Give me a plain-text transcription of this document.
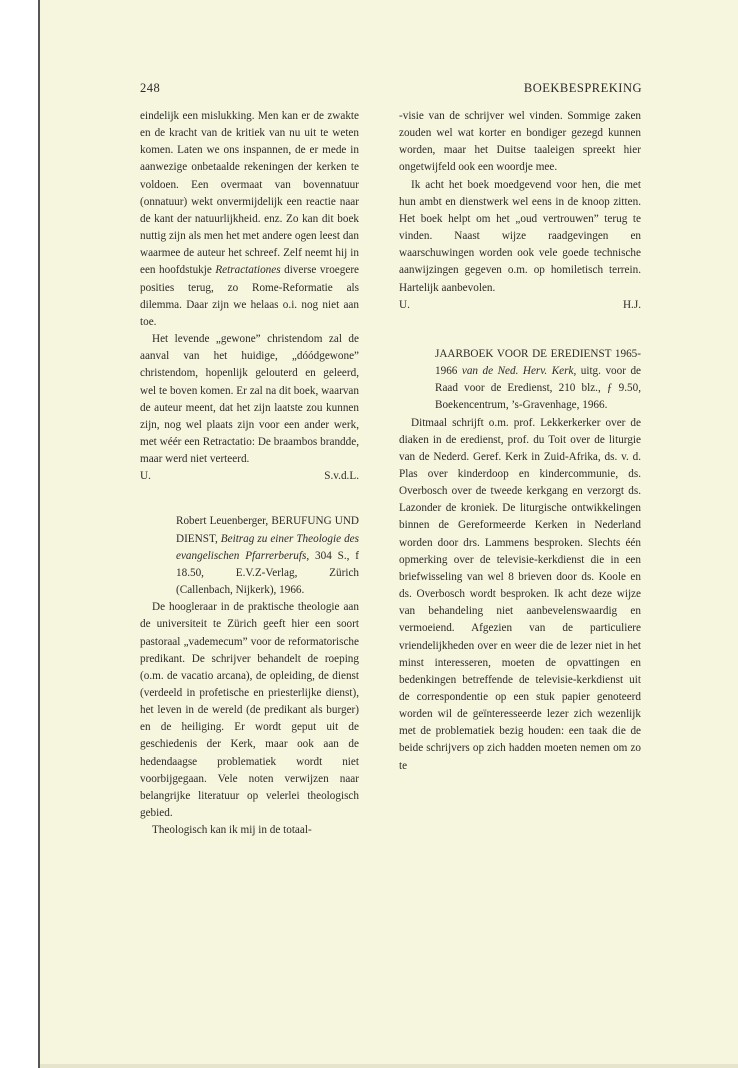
248	BOEKBESPREKING

eindelijk een mislukking. Men kan er de zwakte en de kracht van de kritiek van nu uit te weten komen. Laten we ons inspannen, de er mede in aanwezige onbetaalde rekeningen der kerken te voldoen. Een overmaat van bovennatuur (onnatuur) wekt onvermijdelijk een reactie naar de kant der natuurlijkheid. enz. Zo kan dit boek nuttig zijn als men het met andere ogen leest dan waarmee de auteur het schreef. Zelf neemt hij in een hoofdstukje Retractationes diverse vroegere posities terug, zo Rome-Reformatie als dilemma. Daar zijn we helaas o.i. nog niet aan toe.

Het levende „gewone” christendom zal de aanval van het huidige, „dóódgewone” christendom, hopenlijk gelouterd en geleerd, wel te boven komen. Er zal na dit boek, waarvan de auteur meent, dat het zijn laatste zou kunnen zijn, nog wel plaats zijn voor een ander werk, met wéér een Retractatio: De braambos brandde, maar werd niet verteerd.

U.	S.v.d.L.

Robert Leuenberger, BERUFUNG UND DIENST, Beitrag zu einer Theologie des evangelischen Pfarrerberufs, 304 S., f 18.50, E.V.Z-Verlag, Zürich (Callenbach, Nijkerk), 1966.

De hoogleraar in de praktische theologie aan de universiteit te Zürich geeft hier een soort pastoraal „vademecum” voor de reformatorische predikant. De schrijver behandelt de roeping (o.m. de vacatio arcana), de opleiding, de dienst (verdeeld in profetische en priesterlijke dienst), het leven in de wereld (de predikant als burger) en de heiliging. Er wordt geput uit de geschiedenis der Kerk, maar ook aan de hedendaagse problematiek wordt niet voorbijgegaan. Vele noten verwijzen naar belangrijke literatuur op velerlei theologisch gebied.

Theologisch kan ik mij in de totaal-

-visie van de schrijver wel vinden. Sommige zaken zouden wel wat korter en bondiger gezegd kunnen worden, maar het Duitse taaleigen spreekt hier ongetwijfeld ook een woordje mee.

Ik acht het boek moedgevend voor hen, die met hun ambt en dienstwerk wel eens in de knoop zitten. Het boek helpt om het „oud vertrouwen” terug te vinden. Naast wijze raadgevingen en waarschuwingen worden ook vele goede technische aanwijzingen gegeven o.m. op homiletisch terrein. Hartelijk aanbevolen.

U.	H.J.

JAARBOEK VOOR DE EREDIENST 1965-1966 van de Ned. Herv. Kerk, uitg. voor de Raad voor de Eredienst, 210 blz., ƒ 9.50, Boekencentrum, ’s-Gravenhage, 1966.

Ditmaal schrijft o.m. prof. Lekkerkerker over de diaken in de eredienst, prof. du Toit over de liturgie van de Nederd. Geref. Kerk in Zuid-Afrika, ds. v. d. Plas over kinderdoop en kindercommunie, ds. Overbosch over de tweede kerkgang en verzorgt ds. Lazonder de kroniek. De liturgische ontwikkelingen binnen de Gereformeerde Kerken in Nederland worden door drs. Lammens besproken. Slechts één opmerking over de televisie-kerkdienst die in een briefwisseling van wel 8 brieven door ds. Koole en ds. Overbosch wordt besproken. Ik acht deze wijze van behandeling niet aanbevelenswaardig en vermoeiend. Afgezien van de particuliere vriendelijkheden over en weer die de lezer niet in het minst interesseren, moeten de opvattingen en bedenkingen betreffende de televisie-kerkdienst uit de correspondentie op een stuk papier genoteerd worden wil de geïnteresseerde lezer zich wezenlijk met de problematiek bezig houden: een taak die de beide schrijvers op zich hadden moeten nemen om zo te
